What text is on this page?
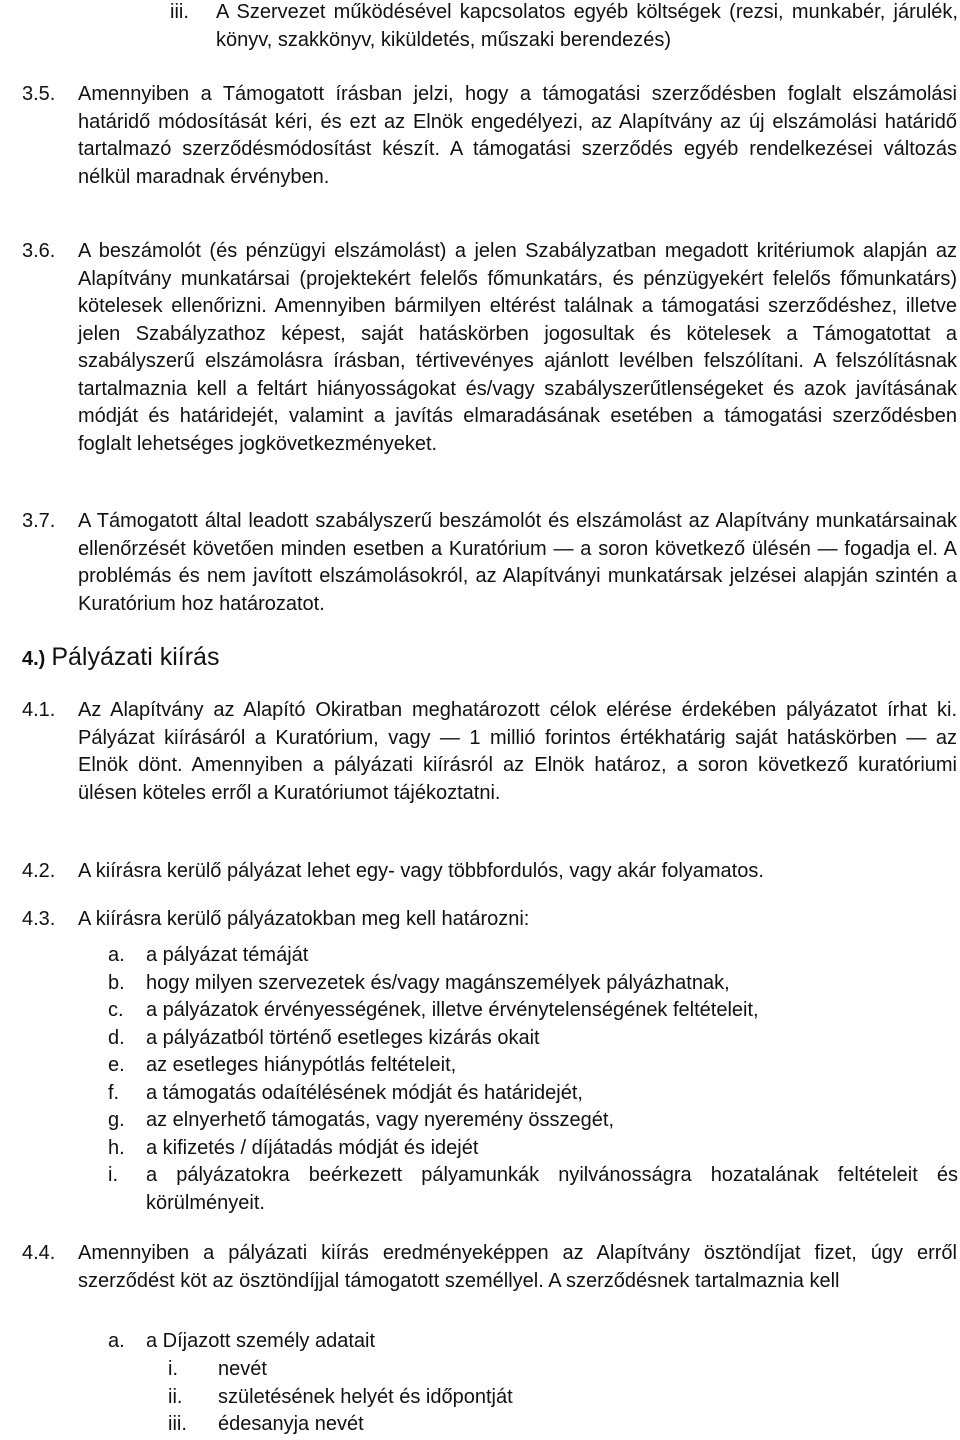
iii. A Szervezet működésével kapcsolatos egyéb költségek (rezsi, munkabér, járulék, könyv, szakkönyv, kiküldetés, műszaki berendezés)
3.5. Amennyiben a Támogatott írásban jelzi, hogy a támogatási szerződésben foglalt elszámolási határidő módosítását kéri, és ezt az Elnök engedélyezi, az Alapítvány az új elszámolási határidő tartalmazó szerződésmódosítást készít. A támogatási szerződés egyéb rendelkezései változás nélkül maradnak érvényben.
3.6. A beszámolót (és pénzügyi elszámolást) a jelen Szabályzatban megadott kritériumok alapján az Alapítvány munkatársai (projektekért felelős főmunkatárs, és pénzügyekért felelős főmunkatárs) kötelesek ellenőrizni. Amennyiben bármilyen eltérést találnak a támogatási szerződéshez, illetve jelen Szabályzathoz képest, saját hatáskörben jogosultak és kötelesek a Támogatottat a szabályszerű elszámolásra írásban, tértivevényes ajánlott levélben felszólítani. A felszólításnak tartalmaznia kell a feltárt hiányosságokat és/vagy szabályszerűtlenségeket és azok javításának módját és határidejét, valamint a javítás elmaradásának esetében a támogatási szerződésben foglalt lehetséges jogkövetkezményeket.
3.7. A Támogatott által leadott szabályszerű beszámolót és elszámolást az Alapítvány munkatársainak ellenőrzését követően minden esetben a Kuratórium — a soron következő ülésén — fogadja el. A problémás és nem javított elszámolásokról, az Alapítványi munkatársak jelzései alapján szintén a Kuratórium hoz határozatot.
4.) Pályázati kiírás
4.1. Az Alapítvány az Alapító Okiratban meghatározott célok elérése érdekében pályázatot írhat ki. Pályázat kiírásáról a Kuratórium, vagy — 1 millió forintos értékhatárig saját hatáskörben — az Elnök dönt. Amennyiben a pályázati kiírásról az Elnök határoz, a soron következő kuratóriumi ülésen köteles erről a Kuratóriumot tájékoztatni.
4.2. A kiírásra kerülő pályázat lehet egy- vagy többfordulós, vagy akár folyamatos.
4.3. A kiírásra kerülő pályázatokban meg kell határozni:
a. a pályázat témáját
b. hogy milyen szervezetek és/vagy magánszemélyek pályázhatnak,
c. a pályázatok érvényességének, illetve érvénytelenségének feltételeit,
d. a pályázatból történő esetleges kizárás okait
e. az esetleges hiánypótlás feltételeit,
f. a támogatás odaítélésének módját és határidejét,
g. az elnyerhető támogatás, vagy nyeremény összegét,
h. a kifizetés / díjátadás módját és idejét
i. a pályázatokra beérkezett pályamunkák nyilvánosságra hozatalának feltételeit és körülményeit.
4.4. Amennyiben a pályázati kiírás eredményeképpen az Alapítvány ösztöndíjat fizet, úgy erről szerződést köt az ösztöndíjjal támogatott személlyel. A szerződésnek tartalmaznia kell
a. a Díjazott személy adatait
i. nevét
ii. születésének helyét és időpontját
iii. édesanyja nevét
